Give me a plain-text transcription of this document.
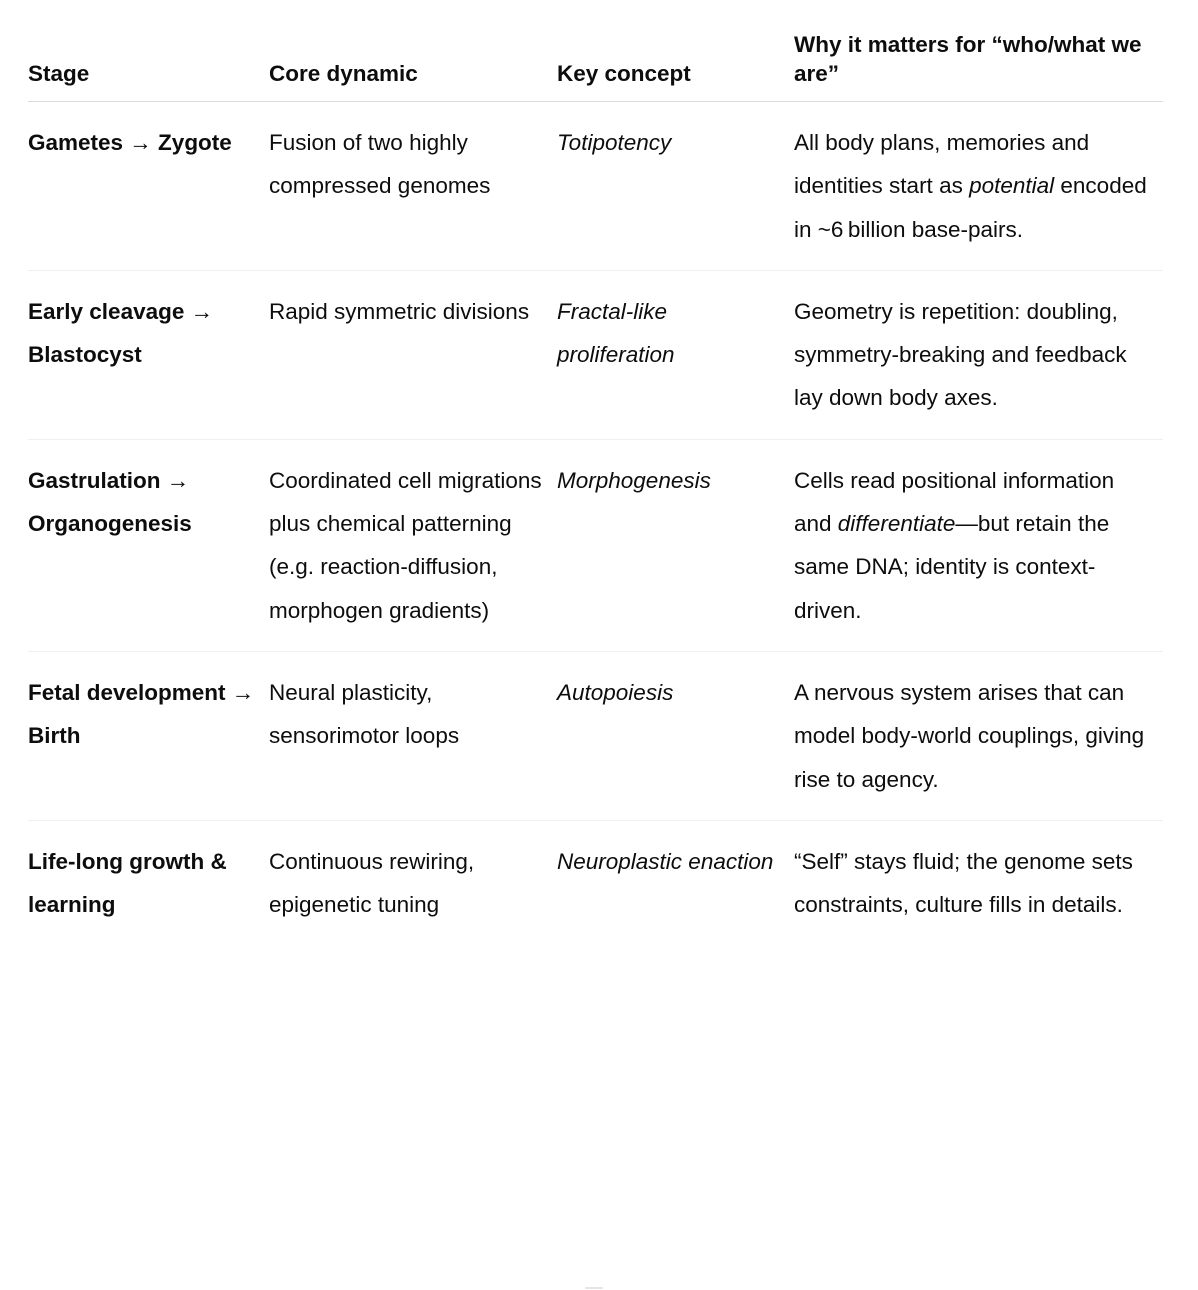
Stage	Core dynamic	Key concept	Why it matters for “who/what we are”
Gametes → Zygote	Fusion of two highly compressed genomes	Totipotency	All body plans, memories and identities start as potential encoded in ~6 billion base-pairs.
Early cleavage → Blastocyst	Rapid symmetric divisions	Fractal-like proliferation	Geometry is repetition: doubling, symmetry-breaking and feedback lay down body axes.
Gastrulation → Organogenesis	Coordinated cell migrations plus chemical patterning (e.g. reaction-diffusion, morphogen gradients)	Morphogenesis	Cells read positional information and differentiate—but retain the same DNA; identity is context-driven.
Fetal development → Birth	Neural plasticity, sensorimotor loops	Autopoiesis	A nervous system arises that can model body-world couplings, giving rise to agency.
Life-long growth & learning	Continuous rewiring, epigenetic tuning	Neuroplastic enaction	“Self” stays fluid; the genome sets constraints, culture fills in details.
